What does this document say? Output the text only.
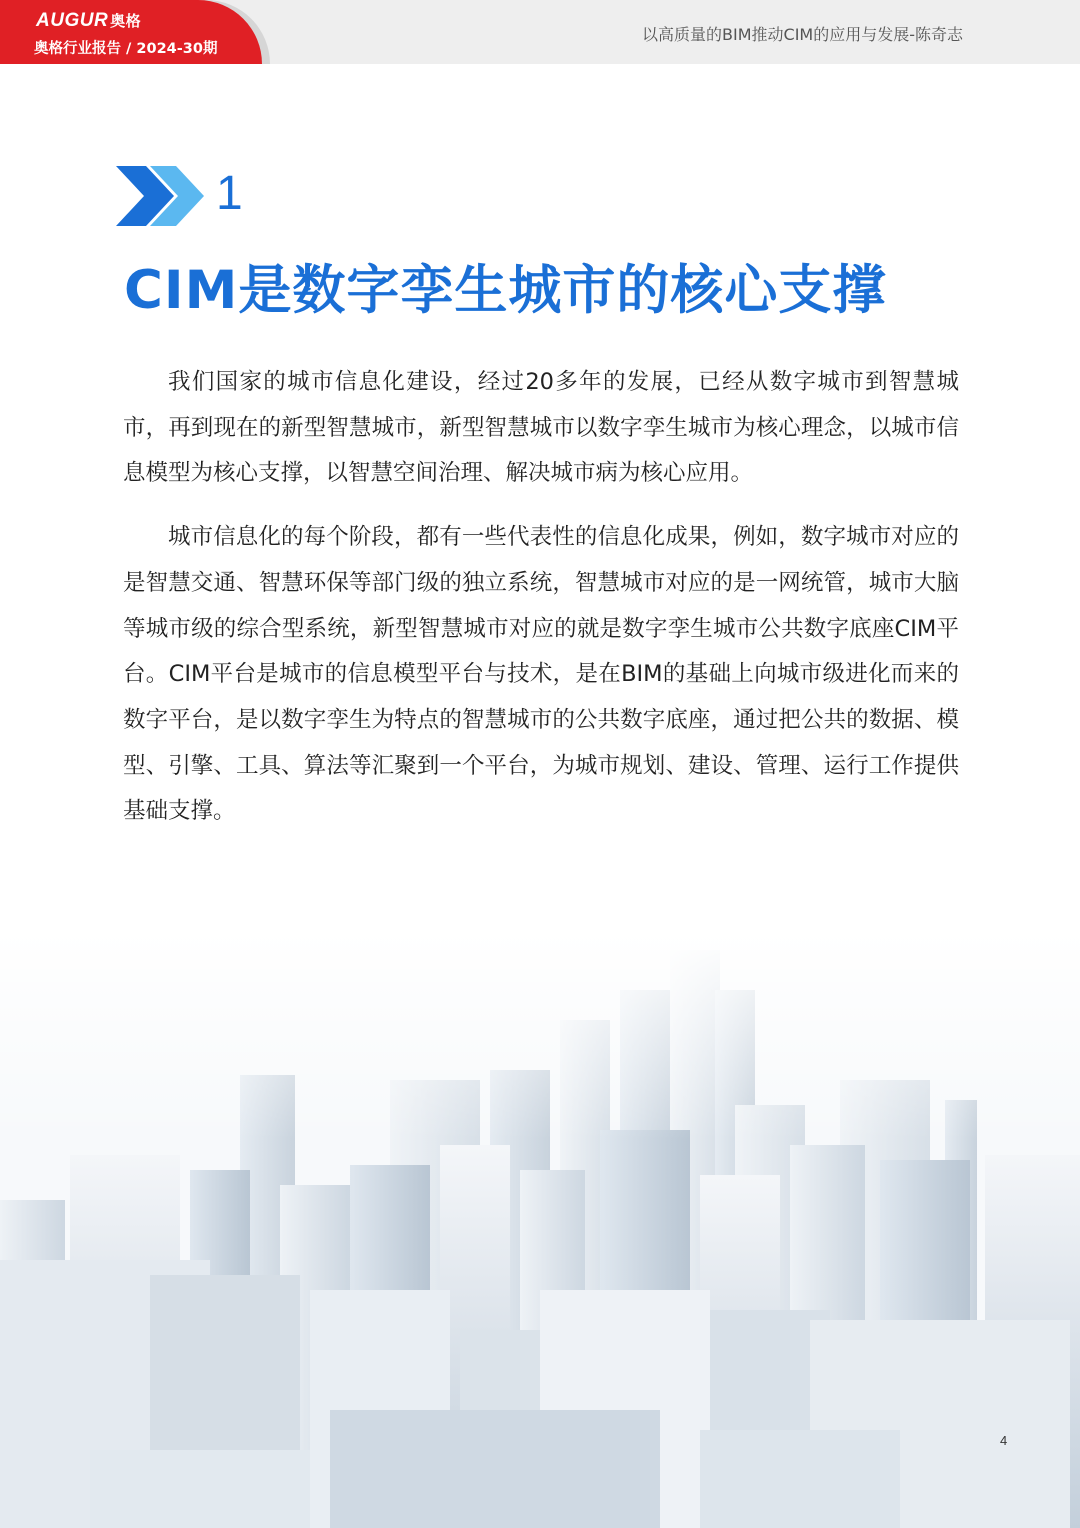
AUGUR 奥格
奥格行业报告 / 2024-30期
以高质量的BIM推动CIM的应用与发展-陈奇志
1
CIM是数字孪生城市的核心支撑

我们国家的城市信息化建设，经过20多年的发展，已经从数字城市到智慧城市，再到现在的新型智慧城市，新型智慧城市以数字孪生城市为核心理念，以城市信息模型为核心支撑，以智慧空间治理、解决城市病为核心应用。

城市信息化的每个阶段，都有一些代表性的信息化成果，例如，数字城市对应的是智慧交通、智慧环保等部门级的独立系统，智慧城市对应的是一网统管，城市大脑等城市级的综合型系统，新型智慧城市对应的就是数字孪生城市公共数字底座CIM平台。CIM平台是城市的信息模型平台与技术，是在BIM的基础上向城市级进化而来的数字平台，是以数字孪生为特点的智慧城市的公共数字底座，通过把公共的数据、模型、引擎、工具、算法等汇聚到一个平台，为城市规划、建设、管理、运行工作提供基础支撑。

4
